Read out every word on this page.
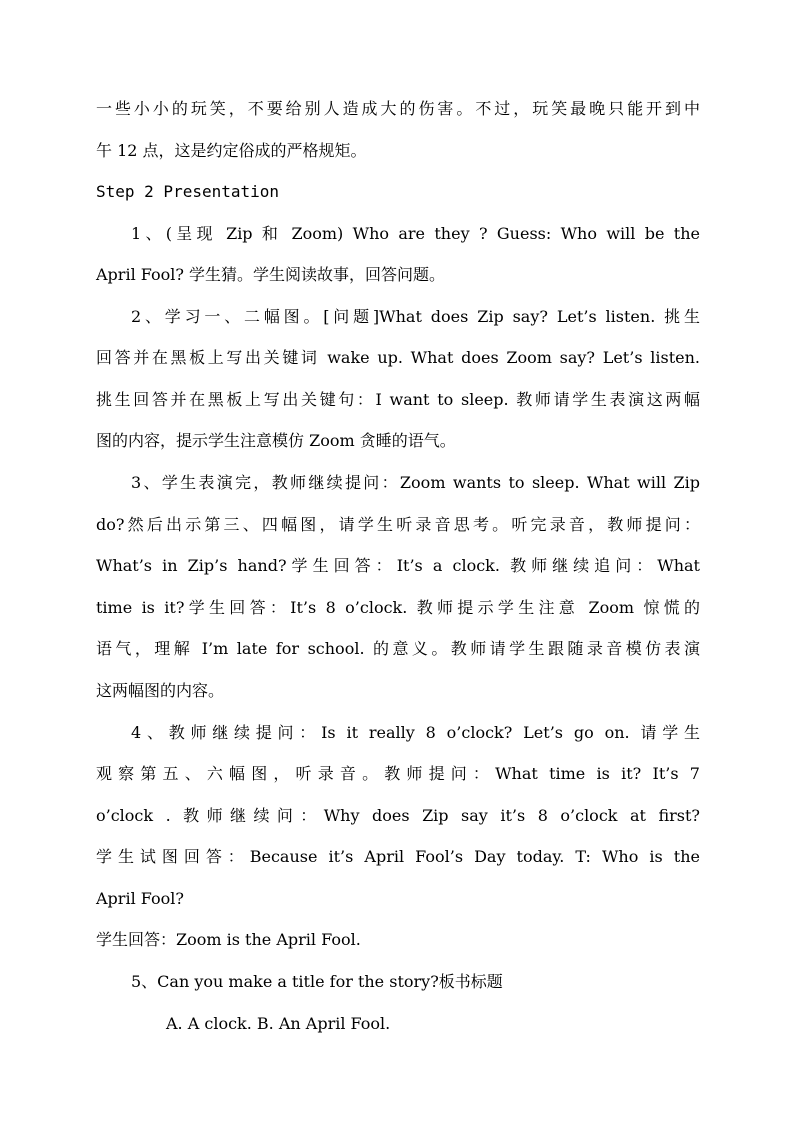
一些小小的玩笑，不要给别人造成大的伤害。不过，玩笑最晚只能开到中
午 12 点，这是约定俗成的严格规矩。
Step 2 Presentation
1、(呈现 Zip 和 Zoom) Who are they ? Guess: Who will be the
April Fool? 学生猜。学生阅读故事，回答问题。
2、学习一、二幅图。[问题]What does Zip say? Let’s listen. 挑生
回答并在黑板上写出关键词 wake up. What does Zoom say? Let’s listen.
挑生回答并在黑板上写出关键句：I want to sleep. 教师请学生表演这两幅
图的内容，提示学生注意模仿 Zoom 贪睡的语气。
3、学生表演完，教师继续提问：Zoom wants to sleep. What will Zip
do?然后出示第三、四幅图，请学生听录音思考。听完录音，教师提问：
What’s in Zip’s hand?学生回答：It’s a clock. 教师继续追问：What
time is it?学生回答：It’s 8 o’clock. 教师提示学生注意 Zoom 惊慌的
语气，理解 I’m late for school. 的意义。教师请学生跟随录音模仿表演
这两幅图的内容。
4、教师继续提问：Is it really 8 o’clock? Let’s go on. 请学生
观察第五、六幅图，听录音。教师提问：What time is it? It’s 7
o’clock . 教师继续问：Why does Zip say it’s 8 o’clock at first?
学生试图回答：Because it’s April Fool’s Day today. T: Who is the
April Fool?
学生回答：Zoom is the April Fool.
5、Can you make a title for the story?板书标题
A. A clock. B. An April Fool.
